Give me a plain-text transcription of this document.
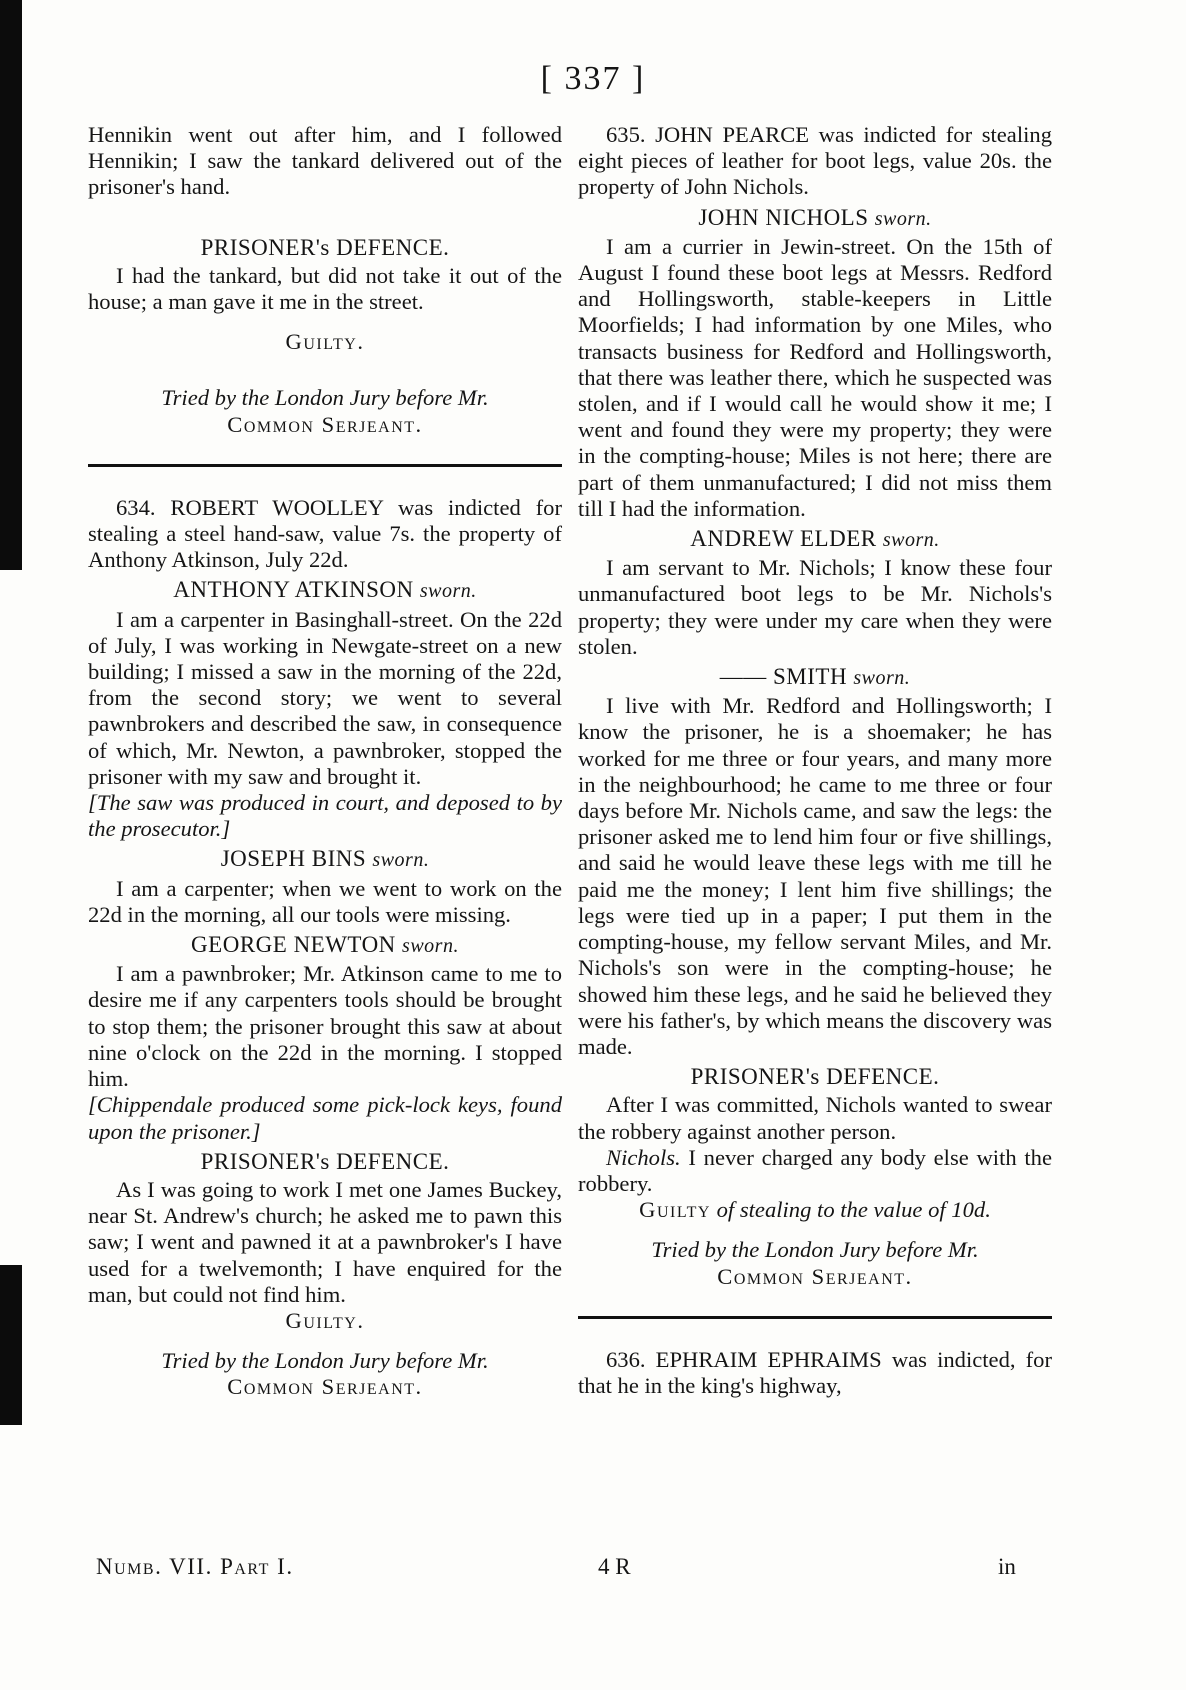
[ 337 ]

Hennikin went out after him, and I followed Hennikin; I saw the tankard delivered out of the prisoner's hand.

PRISONER's DEFENCE.

I had the tankard, but did not take it out of the house; a man gave it me in the street.

Guilty.
Tried by the London Jury before Mr.
Common Serjeant.

634. ROBERT WOOLLEY was indicted for stealing a steel hand-saw, value 7s. the property of Anthony Atkinson, July 22d.

ANTHONY ATKINSON sworn.

I am a carpenter in Basinghall-street. On the 22d of July, I was working in Newgate-street on a new building; I missed a saw in the morning of the 22d, from the second story; we went to several pawnbrokers and described the saw, in consequence of which, Mr. Newton, a pawnbroker, stopped the prisoner with my saw and brought it.

[The saw was produced in court, and deposed to by the prosecutor.]

JOSEPH BINS sworn.

I am a carpenter; when we went to work on the 22d in the morning, all our tools were missing.

GEORGE NEWTON sworn.

I am a pawnbroker; Mr. Atkinson came to me to desire me if any carpenters tools should be brought to stop them; the prisoner brought this saw at about nine o'clock on the 22d in the morning. I stopped him.

[Chippendale produced some pick-lock keys, found upon the prisoner.]

PRISONER's DEFENCE.

As I was going to work I met one James Buckey, near St. Andrew's church; he asked me to pawn this saw; I went and pawned it at a pawnbroker's I have used for a twelvemonth; I have enquired for the man, but could not find him.

Guilty.
Tried by the London Jury before Mr.
Common Serjeant.
Numb. VII. Part I.

635. JOHN PEARCE was indicted for stealing eight pieces of leather for boot legs, value 20s. the property of John Nichols.

JOHN NICHOLS sworn.

I am a currier in Jewin-street. On the 15th of August I found these boot legs at Messrs. Redford and Hollingsworth, stable-keepers in Little Moorfields; I had information by one Miles, who transacts business for Redford and Hollingsworth, that there was leather there, which he suspected was stolen, and if I would call he would show it me; I went and found they were my property; they were in the compting-house; Miles is not here; there are part of them unmanufactured; I did not miss them till I had the information.

ANDREW ELDER sworn.

I am servant to Mr. Nichols; I know these four unmanufactured boot legs to be Mr. Nichols's property; they were under my care when they were stolen.

—— SMITH sworn.

I live with Mr. Redford and Hollingsworth; I know the prisoner, he is a shoemaker; he has worked for me three or four years, and many more in the neighbourhood; he came to me three or four days before Mr. Nichols came, and saw the legs: the prisoner asked me to lend him four or five shillings, and said he would leave these legs with me till he paid me the money; I lent him five shillings; the legs were tied up in a paper; I put them in the compting-house, my fellow servant Miles, and Mr. Nichols's son were in the compting-house; he showed him these legs, and he said he believed they were his father's, by which means the discovery was made.

PRISONER's DEFENCE.

After I was committed, Nichols wanted to swear the robbery against another person.

Nichols. I never charged any body else with the robbery.

Guilty of stealing to the value of 10d.
Tried by the London Jury before Mr.
Common Serjeant.

636. EPHRAIM EPHRAIMS was indicted, for that he in the king's highway,

4 R	in
